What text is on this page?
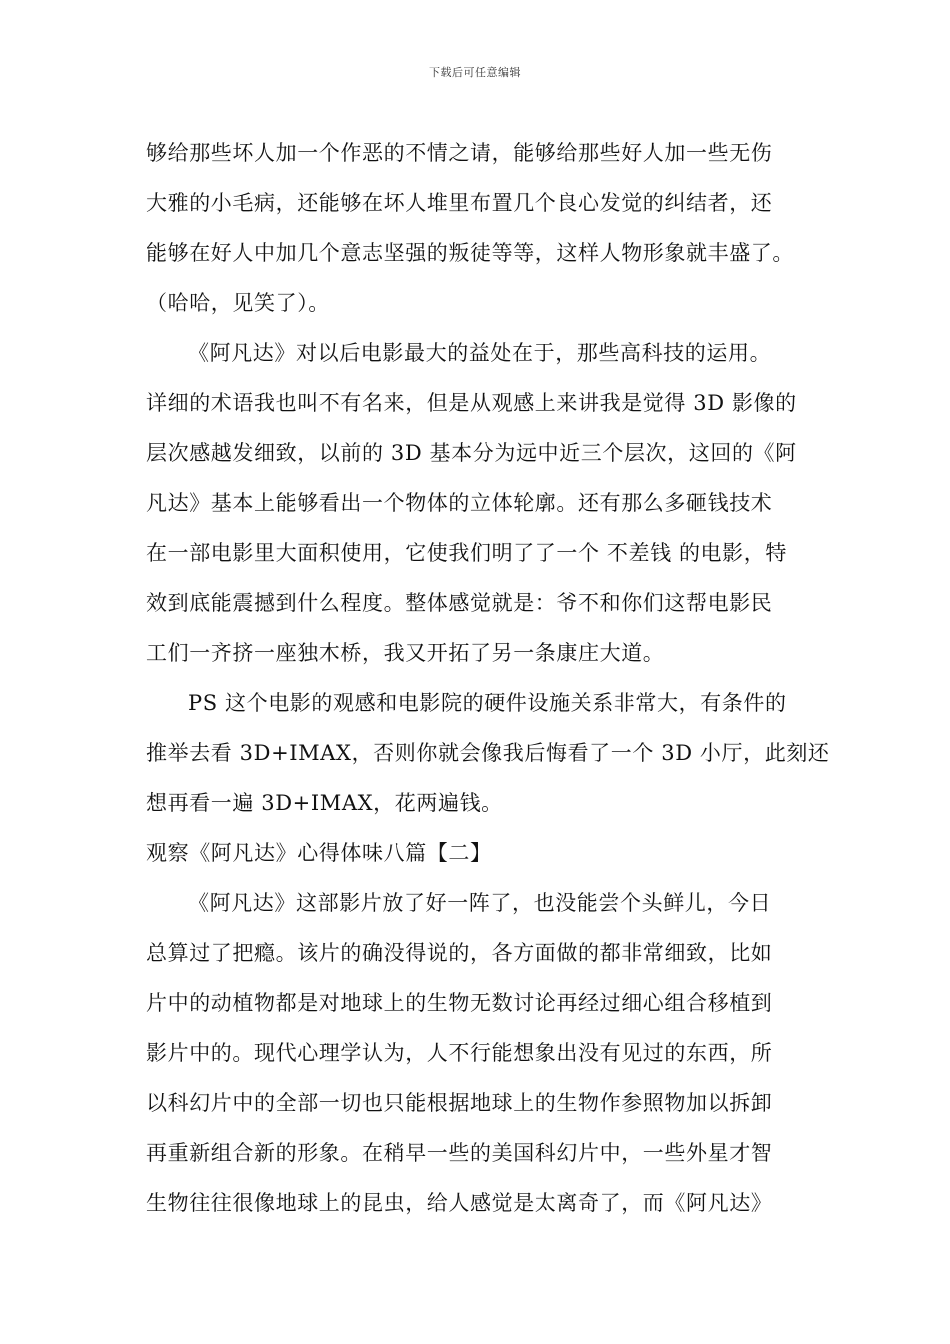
下载后可任意编辑
够给那些坏人加一个作恶的不情之请，能够给那些好人加一些无伤
大雅的小毛病，还能够在坏人堆里布置几个良心发觉的纠结者，还
能够在好人中加几个意志坚强的叛徒等等，这样人物形象就丰盛了。
（哈哈，见笑了）。
《阿凡达》对以后电影最大的益处在于，那些高科技的运用。
详细的术语我也叫不有名来，但是从观感上来讲我是觉得 3D 影像的
层次感越发细致，以前的 3D 基本分为远中近三个层次，这回的《阿
凡达》基本上能够看出一个物体的立体轮廓。还有那么多砸钱技术
在一部电影里大面积使用，它使我们明了了一个 不差钱 的电影，特
效到底能震撼到什么程度。整体感觉就是：爷不和你们这帮电影民
工们一齐挤一座独木桥，我又开拓了另一条康庄大道。
PS 这个电影的观感和电影院的硬件设施关系非常大，有条件的
推举去看 3D+IMAX，否则你就会像我后悔看了一个 3D 小厅，此刻还
想再看一遍 3D+IMAX，花两遍钱。
观察《阿凡达》心得体味八篇【二】
《阿凡达》这部影片放了好一阵了，也没能尝个头鲜儿，今日
总算过了把瘾。该片的确没得说的，各方面做的都非常细致，比如
片中的动植物都是对地球上的生物无数讨论再经过细心组合移植到
影片中的。现代心理学认为，人不行能想象出没有见过的东西，所
以科幻片中的全部一切也只能根据地球上的生物作参照物加以拆卸
再重新组合新的形象。在稍早一些的美国科幻片中，一些外星才智
生物往往很像地球上的昆虫，给人感觉是太离奇了，而《阿凡达》
